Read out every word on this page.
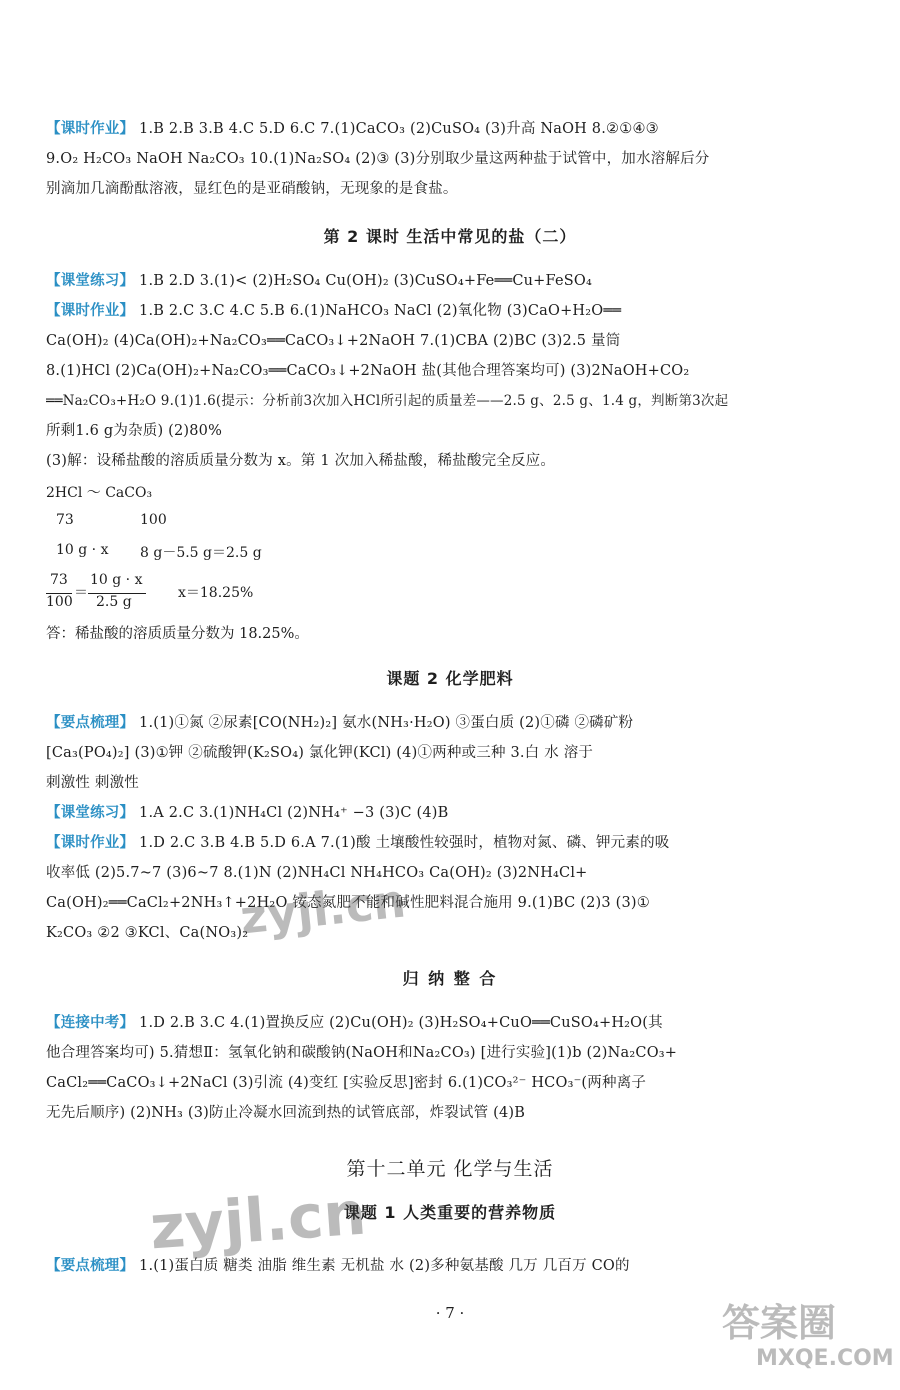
【课时作业】 1.B 2.B 3.B 4.C 5.D 6.C 7.(1)CaCO₃ (2)CuSO₄ (3)升高 NaOH 8.②①④③
9.O₂ H₂CO₃ NaOH Na₂CO₃ 10.(1)Na₂SO₄ (2)③ (3)分别取少量这两种盐于试管中，加水溶解后分
别滴加几滴酚酞溶液，显红色的是亚硝酸钠，无现象的是食盐。
第 2 课时 生活中常见的盐（二）
【课堂练习】 1.B 2.D 3.(1)< (2)H₂SO₄ Cu(OH)₂ (3)CuSO₄+Fe══Cu+FeSO₄
【课时作业】 1.B 2.C 3.C 4.C 5.B 6.(1)NaHCO₃ NaCl (2)氧化物 (3)CaO+H₂O══
Ca(OH)₂ (4)Ca(OH)₂+Na₂CO₃══CaCO₃↓+2NaOH 7.(1)CBA (2)BC (3)2.5 量筒
8.(1)HCl (2)Ca(OH)₂+Na₂CO₃══CaCO₃↓+2NaOH 盐(其他合理答案均可) (3)2NaOH+CO₂
══Na₂CO₃+H₂O 9.(1)1.6(提示：分析前3次加入HCl所引起的质量差——2.5 g、2.5 g、1.4 g，判断第3次起
所剩1.6 g为杂质) (2)80%
(3)解：设稀盐酸的溶质质量分数为 x。第 1 次加入稀盐酸，稀盐酸完全反应。
2HCl ～ CaCO₃
73	100
10 g · x 8 g－5.5 g＝2.5 g
73
100
＝
10 g · x
2.5 g
x＝18.25%
答：稀盐酸的溶质质量分数为 18.25%。
课题 2 化学肥料
【要点梳理】 1.(1)①氮 ②尿素[CO(NH₂)₂] 氨水(NH₃·H₂O) ③蛋白质 (2)①磷 ②磷矿粉
[Ca₃(PO₄)₂] (3)①钾 ②硫酸钾(K₂SO₄) 氯化钾(KCl) (4)①两种或三种 3.白 水 溶于
刺激性 刺激性
【课堂练习】 1.A 2.C 3.(1)NH₄Cl (2)NH₄⁺ −3 (3)C (4)B
【课时作业】 1.D 2.C 3.B 4.B 5.D 6.A 7.(1)酸 土壤酸性较强时，植物对氮、磷、钾元素的吸
收率低 (2)5.7~7 (3)6~7 8.(1)N (2)NH₄Cl NH₄HCO₃ Ca(OH)₂ (3)2NH₄Cl+
Ca(OH)₂══CaCl₂+2NH₃↑+2H₂O 铵态氮肥不能和碱性肥料混合施用 9.(1)BC (2)3 (3)①
K₂CO₃ ②2 ③KCl、Ca(NO₃)₂
归 纳 整 合
【连接中考】 1.D 2.B 3.C 4.(1)置换反应 (2)Cu(OH)₂ (3)H₂SO₄+CuO══CuSO₄+H₂O(其
他合理答案均可) 5.猜想Ⅱ：氢氧化钠和碳酸钠(NaOH和Na₂CO₃) [进行实验](1)b (2)Na₂CO₃+
CaCl₂══CaCO₃↓+2NaCl (3)引流 (4)变红 [实验反思]密封 6.(1)CO₃²⁻ HCO₃⁻(两种离子
无先后顺序) (2)NH₃ (3)防止冷凝水回流到热的试管底部，炸裂试管 (4)B
第十二单元 化学与生活
课题 1 人类重要的营养物质
【要点梳理】 1.(1)蛋白质 糖类 油脂 维生素 无机盐 水 (2)多种氨基酸 几万 几百万 CO的
· 7 ·
zyjl.cn
zyjl.cn
答案圈
MXQE.COM
